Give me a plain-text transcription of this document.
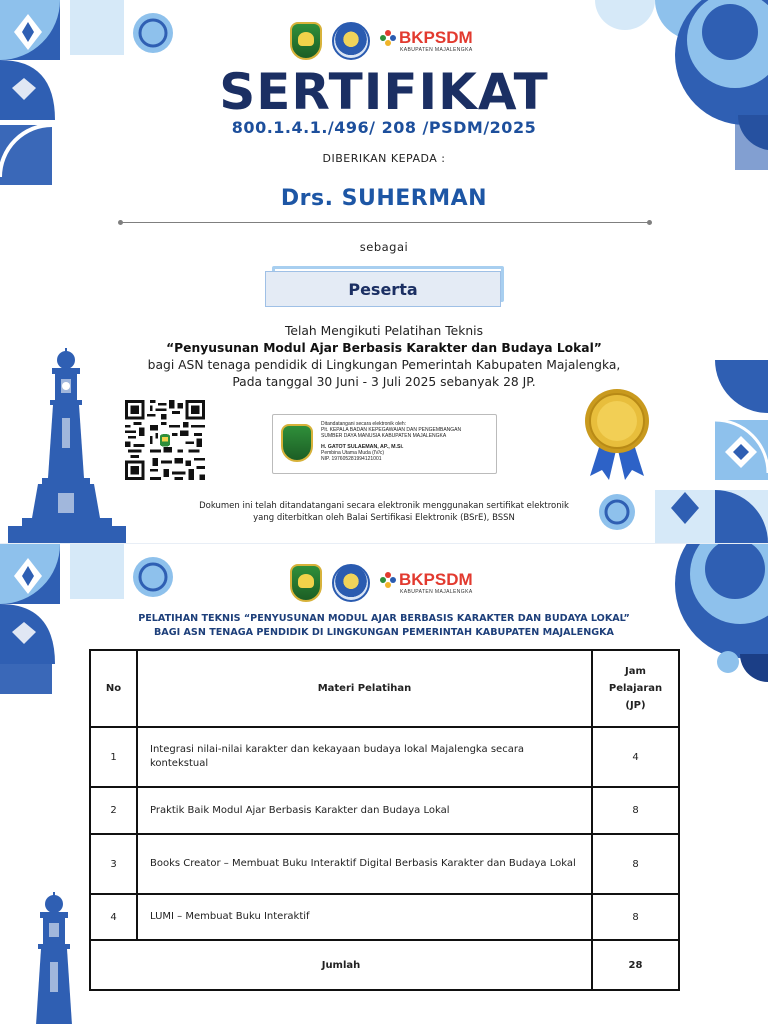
BKPSDM
KABUPATEN MAJALENGKA
SERTIFIKAT
800.1.4.1./496/ 208 /PSDM/2025
DIBERIKAN KEPADA :
Drs. SUHERMAN
sebagai
Peserta
Telah Mengikuti Pelatihan Teknis
“Penyusunan Modul Ajar Berbasis Karakter dan Budaya Lokal”
bagi ASN tenaga pendidik di Lingkungan Pemerintah Kabupaten Majalengka,
Pada tanggal 30 Juni - 3 Juli 2025 sebanyak 28 JP.
Ditandatangani secara elektronik oleh:
Plt. KEPALA BADAN KEPEGAWAIAN DAN PENGEMBANGAN
SUMBER DAYA MANUSIA KABUPATEN MAJALENGKA
H. GATOT SULAEMAN, AP., M.Si.
Pembina Utama Muda (IV/c)
NIP. 197605281994121001
Dokumen ini telah ditandatangani secara elektronik menggunakan sertifikat elektronik
yang diterbitkan oleh Balai Sertifikasi Elektronik (BSrE), BSSN
BKPSDM
KABUPATEN MAJALENGKA
PELATIHAN TEKNIS “PENYUSUNAN MODUL AJAR BERBASIS KARAKTER DAN BUDAYA LOKAL”
BAGI ASN TENAGA PENDIDIK DI LINGKUNGAN PEMERINTAH KABUPATEN MAJALENGKA
No	Materi Pelatihan	Jam Pelajaran (JP)
1	Integrasi nilai-nilai karakter dan kekayaan budaya lokal Majalengka secara kontekstual	4
2	Praktik Baik Modul Ajar Berbasis Karakter dan Budaya Lokal	8
3	Books Creator – Membuat Buku Interaktif Digital Berbasis Karakter dan Budaya Lokal	8
4	LUMI – Membuat Buku Interaktif	8
Jumlah		28
